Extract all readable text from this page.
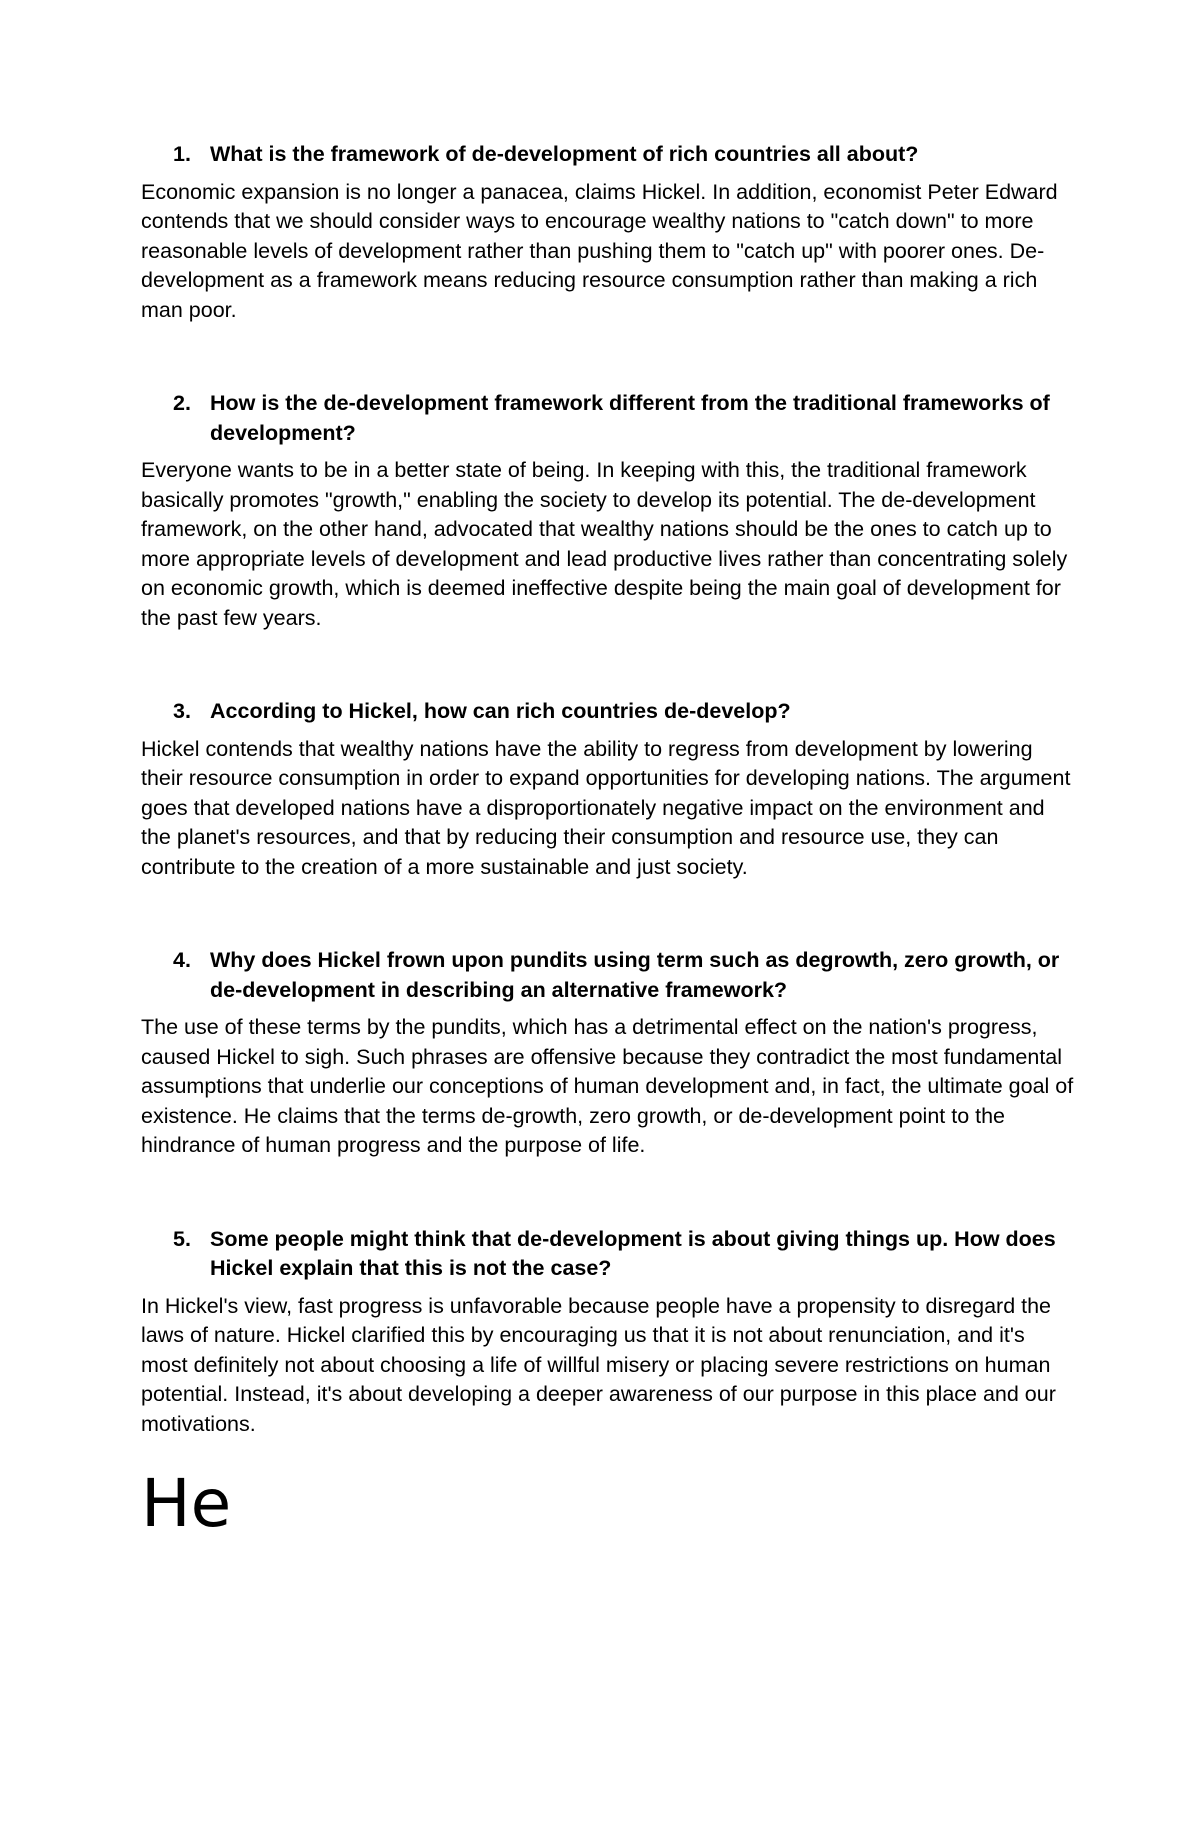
1. What is the framework of de-development of rich countries all about?

Economic expansion is no longer a panacea, claims Hickel. In addition, economist Peter Edward contends that we should consider ways to encourage wealthy nations to "catch down" to more reasonable levels of development rather than pushing them to "catch up" with poorer ones. De-development as a framework means reducing resource consumption rather than making a rich man poor.

2. How is the de-development framework different from the traditional frameworks of development?

Everyone wants to be in a better state of being. In keeping with this, the traditional framework basically promotes "growth," enabling the society to develop its potential. The de-development framework, on the other hand, advocated that wealthy nations should be the ones to catch up to more appropriate levels of development and lead productive lives rather than concentrating solely on economic growth, which is deemed ineffective despite being the main goal of development for the past few years.

3. According to Hickel, how can rich countries de-develop?

Hickel contends that wealthy nations have the ability to regress from development by lowering their resource consumption in order to expand opportunities for developing nations. The argument goes that developed nations have a disproportionately negative impact on the environment and the planet's resources, and that by reducing their consumption and resource use, they can contribute to the creation of a more sustainable and just society.

4. Why does Hickel frown upon pundits using term such as degrowth, zero growth, or de-development in describing an alternative framework?

The use of these terms by the pundits, which has a detrimental effect on the nation's progress, caused Hickel to sigh. Such phrases are offensive because they contradict the most fundamental assumptions that underlie our conceptions of human development and, in fact, the ultimate goal of existence. He claims that the terms de-growth, zero growth, or de-development point to the hindrance of human progress and the purpose of life.

5. Some people might think that de-development is about giving things up. How does Hickel explain that this is not the case?

In Hickel's view, fast progress is unfavorable because people have a propensity to disregard the laws of nature. Hickel clarified this by encouraging us that it is not about renunciation, and it's most definitely not about choosing a life of willful misery or placing severe restrictions on human potential. Instead, it's about developing a deeper awareness of our purpose in this place and our motivations.

He
